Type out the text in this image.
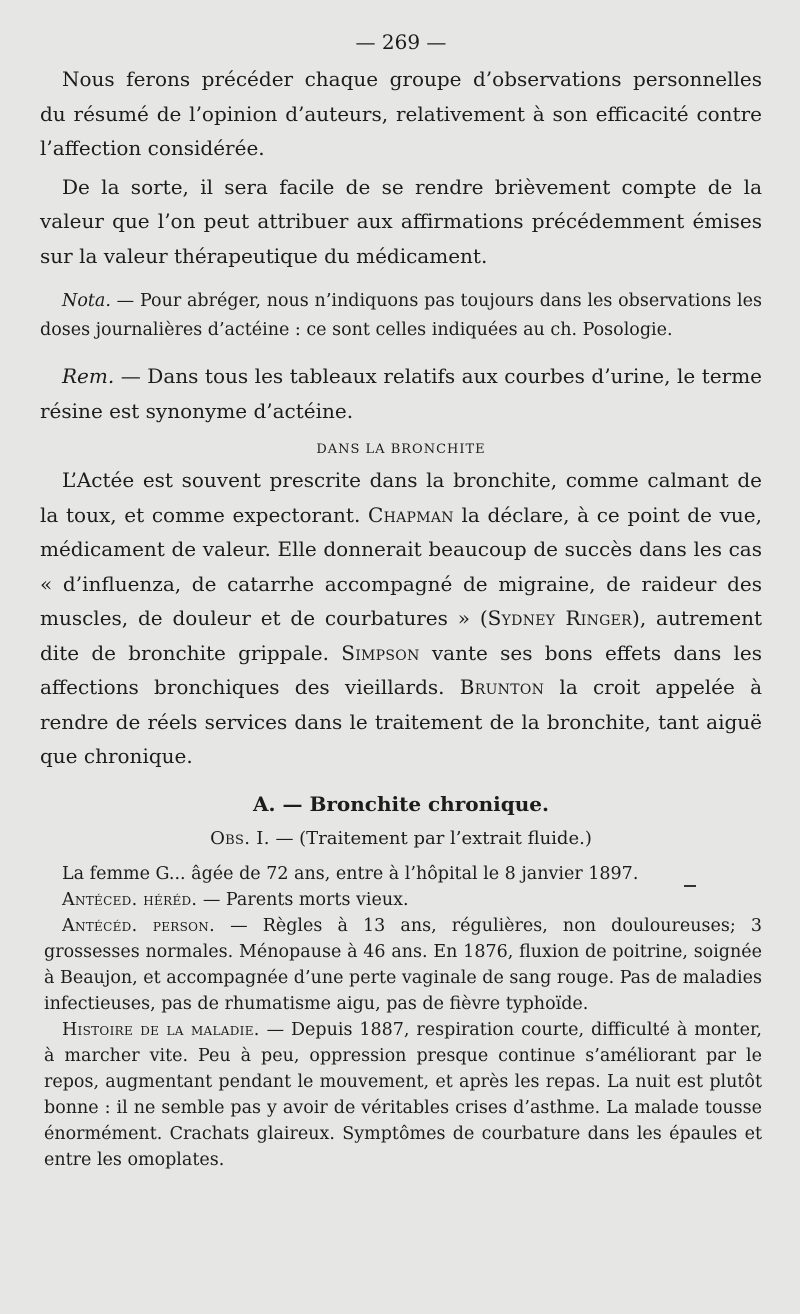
— 269 —

Nous ferons précéder chaque groupe d’observations personnelles du résumé de l’opinion d’auteurs, relativement à son efficacité contre l’affection considérée.

De la sorte, il sera facile de se rendre brièvement compte de la valeur que l’on peut attribuer aux affirmations précédemment émises sur la valeur thérapeutique du médicament.

Nota. — Pour abréger, nous n’indiquons pas toujours dans les observations les doses journalières d’actéine : ce sont celles indiquées au ch. Posologie.

Rem. — Dans tous les tableaux relatifs aux courbes d’urine, le terme résine est synonyme d’actéine.

DANS LA BRONCHITE

L’Actée est souvent prescrite dans la bronchite, comme calmant de la toux, et comme expectorant. Chapman la déclare, à ce point de vue, médicament de valeur. Elle donnerait beaucoup de succès dans les cas « d’influenza, de catarrhe accompagné de migraine, de raideur des muscles, de douleur et de courbatures » (Sydney Ringer), autrement dite de bronchite grippale. Simpson vante ses bons effets dans les affections bronchiques des vieillards. Brunton la croit appelée à rendre de réels services dans le traitement de la bronchite, tant aiguë que chronique.

A. — Bronchite chronique.
Obs. I. — (Traitement par l’extrait fluide.)

La femme G... âgée de 72 ans, entre à l’hôpital le 8 janvier 1897.

Antéced. héréd. — Parents morts vieux.

Antécéd. person. — Règles à 13 ans, régulières, non douloureuses; 3 grossesses normales. Ménopause à 46 ans. En 1876, fluxion de poitrine, soignée à Beaujon, et accompagnée d’une perte vaginale de sang rouge. Pas de maladies infectieuses, pas de rhumatisme aigu, pas de fièvre typhoïde.

Histoire de la maladie. — Depuis 1887, respiration courte, difficulté à monter, à marcher vite. Peu à peu, oppression presque continue s’améliorant par le repos, augmentant pendant le mouvement, et après les repas. La nuit est plutôt bonne : il ne semble pas y avoir de véritables crises d’asthme. La malade tousse énormément. Crachats glaireux. Symptômes de courbature dans les épaules et entre les omoplates.
